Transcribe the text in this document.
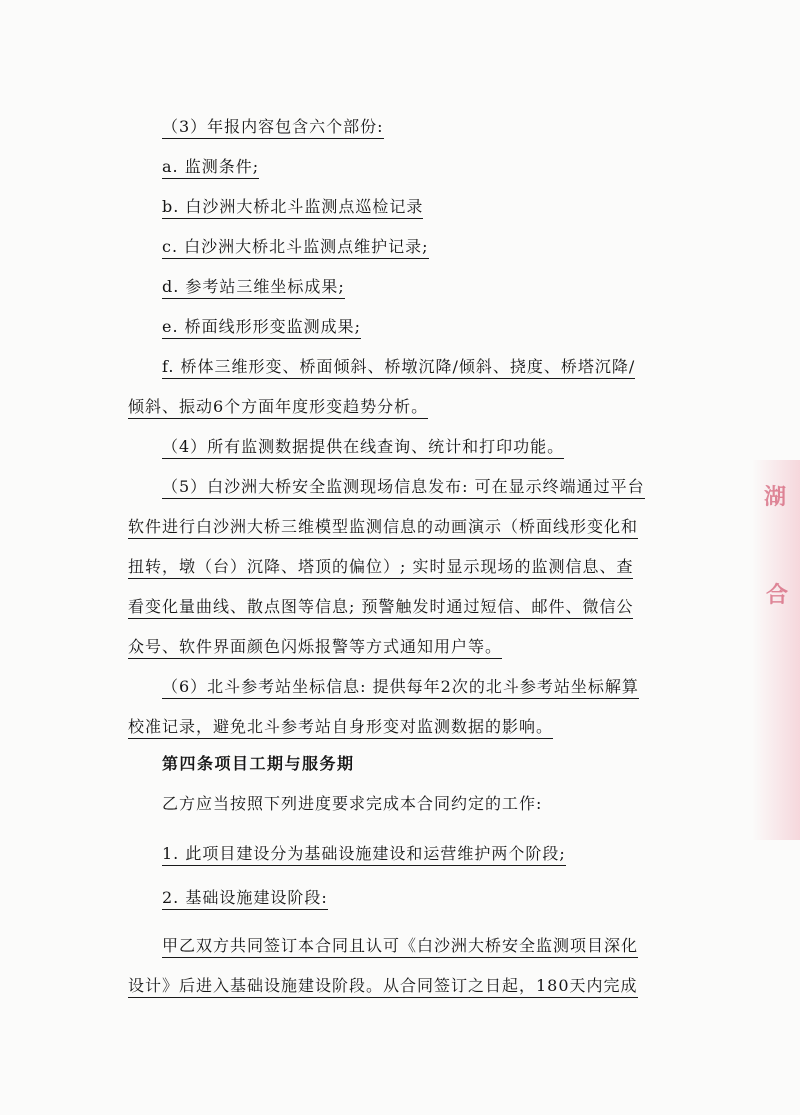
（3）年报内容包含六个部份:
a. 监测条件;
b. 白沙洲大桥北斗监测点巡检记录
c. 白沙洲大桥北斗监测点维护记录;
d. 参考站三维坐标成果;
e. 桥面线形形变监测成果;
f. 桥体三维形变、桥面倾斜、桥墩沉降/倾斜、挠度、桥塔沉降/
倾斜、振动6个方面年度形变趋势分析。
（4）所有监测数据提供在线查询、统计和打印功能。
（5）白沙洲大桥安全监测现场信息发布: 可在显示终端通过平台
软件进行白沙洲大桥三维模型监测信息的动画演示（桥面线形变化和
扭转，墩（台）沉降、塔顶的偏位）; 实时显示现场的监测信息、查
看变化量曲线、散点图等信息; 预警触发时通过短信、邮件、微信公
众号、软件界面颜色闪烁报警等方式通知用户等。
（6）北斗参考站坐标信息: 提供每年2次的北斗参考站坐标解算
校准记录，避免北斗参考站自身形变对监测数据的影响。
第四条项目工期与服务期
乙方应当按照下列进度要求完成本合同约定的工作:
1. 此项目建设分为基础设施建设和运营维护两个阶段;
2. 基础设施建设阶段:
甲乙双方共同签订本合同且认可《白沙洲大桥安全监测项目深化
设计》后进入基础设施建设阶段。从合同签订之日起，180天内完成
湖
合
